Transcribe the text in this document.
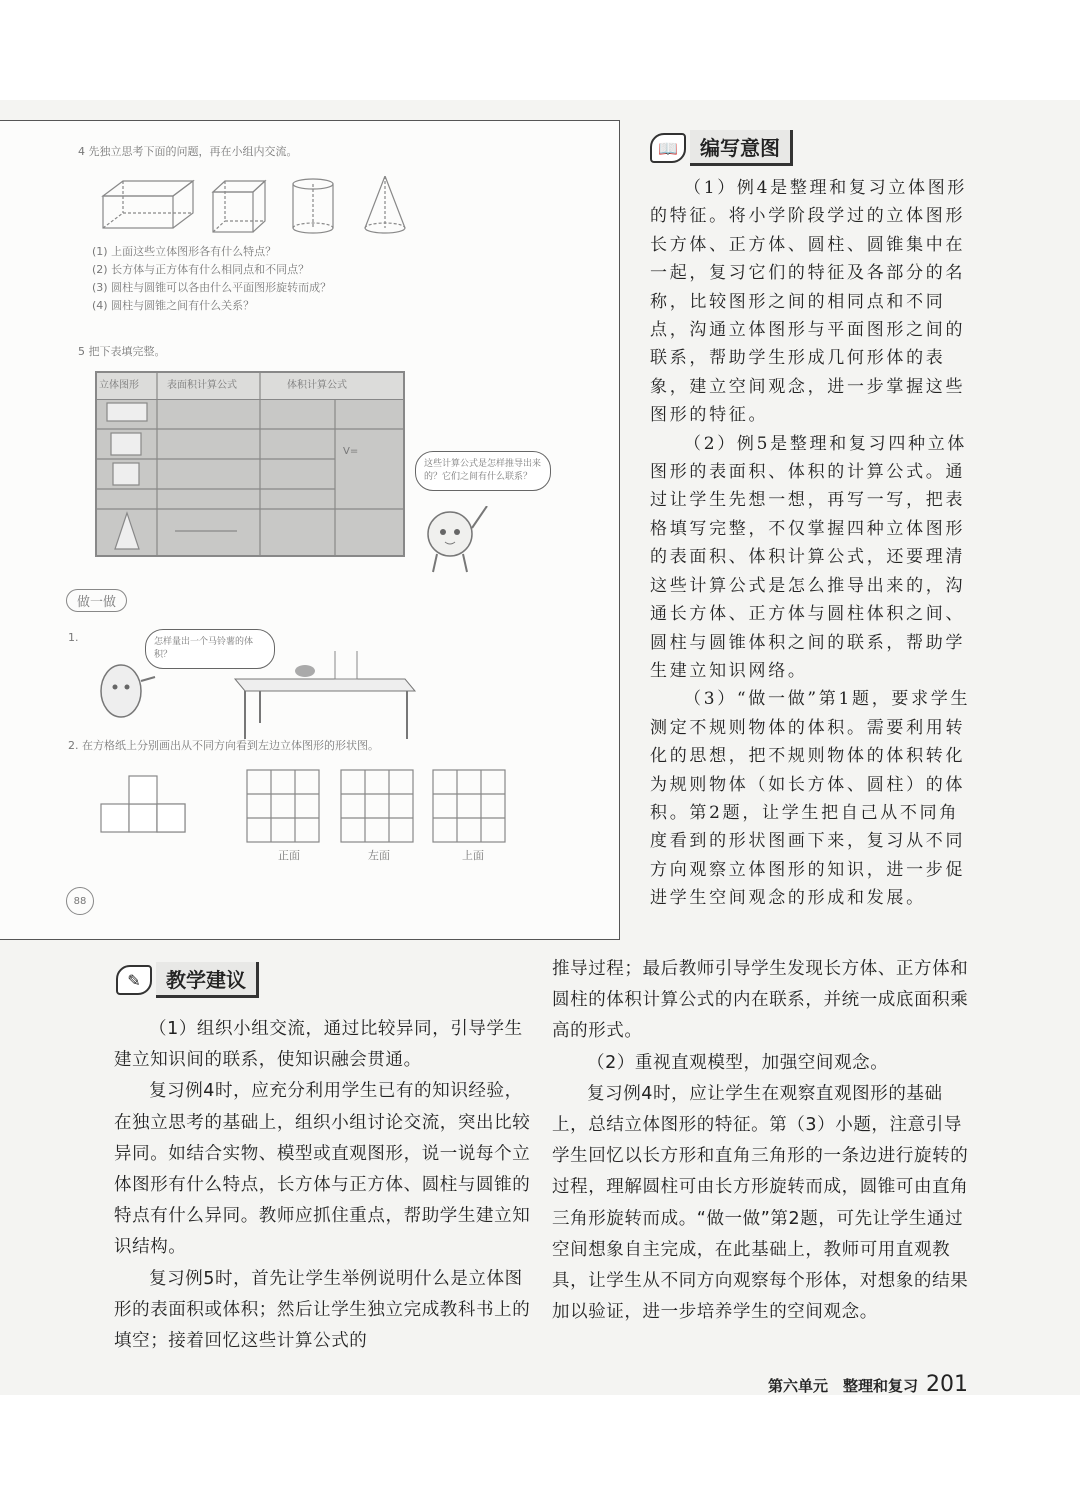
4 先独立思考下面的问题，再在小组内交流。
(1) 上面这些立体图形各有什么特点？
(2) 长方体与正方体有什么相同点和不同点？
(3) 圆柱与圆锥可以各由什么平面图形旋转而成？
(4) 圆柱与圆锥之间有什么关系？
5 把下表填完整。
立体图形	表面积计算公式	体积计算公式
V=
这些计算公式是怎样推导出来的？它们之间有什么联系？
做一做
1.	怎样量出一个马铃薯的体积？
2. 在方格纸上分别画出从不同方向看到左边立体图形的形状图。
正面	左面	上面
88
📖	编写意图

（1）例4是整理和复习立体图形的特征。将小学阶段学过的立体图形长方体、正方体、圆柱、圆锥集中在一起，复习它们的特征及各部分的名称，比较图形之间的相同点和不同点，沟通立体图形与平面图形之间的联系，帮助学生形成几何形体的表象，建立空间观念，进一步掌握这些图形的特征。

（2）例5是整理和复习四种立体图形的表面积、体积的计算公式。通过让学生先想一想，再写一写，把表格填写完整，不仅掌握四种立体图形的表面积、体积计算公式，还要理清这些计算公式是怎么推导出来的，沟通长方体、正方体与圆柱体积之间、圆柱与圆锥体积之间的联系，帮助学生建立知识网络。

（3）“做一做”第1题，要求学生测定不规则物体的体积。需要利用转化的思想，把不规则物体的体积转化为规则物体（如长方体、圆柱）的体积。第2题，让学生把自己从不同角度看到的形状图画下来，复习从不同方向观察立体图形的知识，进一步促进学生空间观念的形成和发展。

✎	教学建议

（1）组织小组交流，通过比较异同，引导学生建立知识间的联系，使知识融会贯通。

复习例4时，应充分利用学生已有的知识经验，在独立思考的基础上，组织小组讨论交流，突出比较异同。如结合实物、模型或直观图形，说一说每个立体图形有什么特点，长方体与正方体、圆柱与圆锥的特点有什么异同。教师应抓住重点，帮助学生建立知识结构。

复习例5时，首先让学生举例说明什么是立体图形的表面积或体积；然后让学生独立完成教科书上的填空；接着回忆这些计算公式的

推导过程；最后教师引导学生发现长方体、正方体和圆柱的体积计算公式的内在联系，并统一成底面积乘高的形式。

（2）重视直观模型，加强空间观念。

复习例4时，应让学生在观察直观图形的基础上，总结立体图形的特征。第（3）小题，注意引导学生回忆以长方形和直角三角形的一条边进行旋转的过程，理解圆柱可由长方形旋转而成，圆锥可由直角三角形旋转而成。“做一做”第2题，可先让学生通过空间想象自主完成，在此基础上，教师可用直观教具，让学生从不同方向观察每个形体，对想象的结果加以验证，进一步培养学生的空间观念。

第六单元　整理和复习 201
